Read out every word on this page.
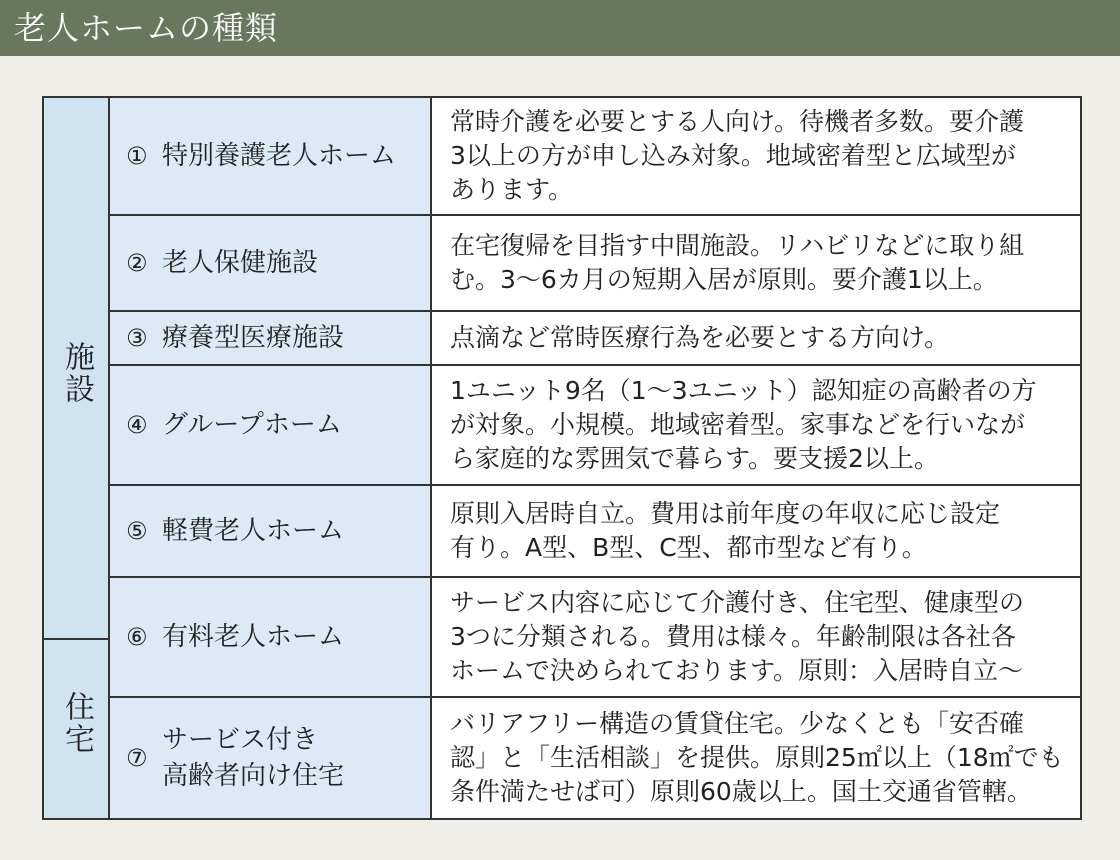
老人ホームの種類
施設
住宅
① 特別養護老人ホーム
常時介護を必要とする人向け。待機者多数。要介護
3以上の方が申し込み対象。地域密着型と広域型が
あります。
② 老人保健施設
在宅復帰を目指す中間施設。リハビリなどに取り組
む。3〜6カ月の短期入居が原則。要介護1以上。
③ 療養型医療施設	点滴など常時医療行為を必要とする方向け。
④ グループホーム
1ユニット9名（1〜3ユニット）認知症の高齢者の方
が対象。小規模。地域密着型。家事などを行いなが
ら家庭的な雰囲気で暮らす。要支援2以上。
⑤ 軽費老人ホーム
原則入居時自立。費用は前年度の年収に応じ設定
有り。A型、B型、C型、都市型など有り。
⑥ 有料老人ホーム
サービス内容に応じて介護付き、住宅型、健康型の
3つに分類される。費用は様々。年齢制限は各社各
ホームで決められております。原則：入居時自立〜
⑦
サービス付き
高齢者向け住宅
バリアフリー構造の賃貸住宅。少なくとも「安否確
認」と「生活相談」を提供。原則25㎡以上（18㎡でも
条件満たせば可）原則60歳以上。国土交通省管轄。
